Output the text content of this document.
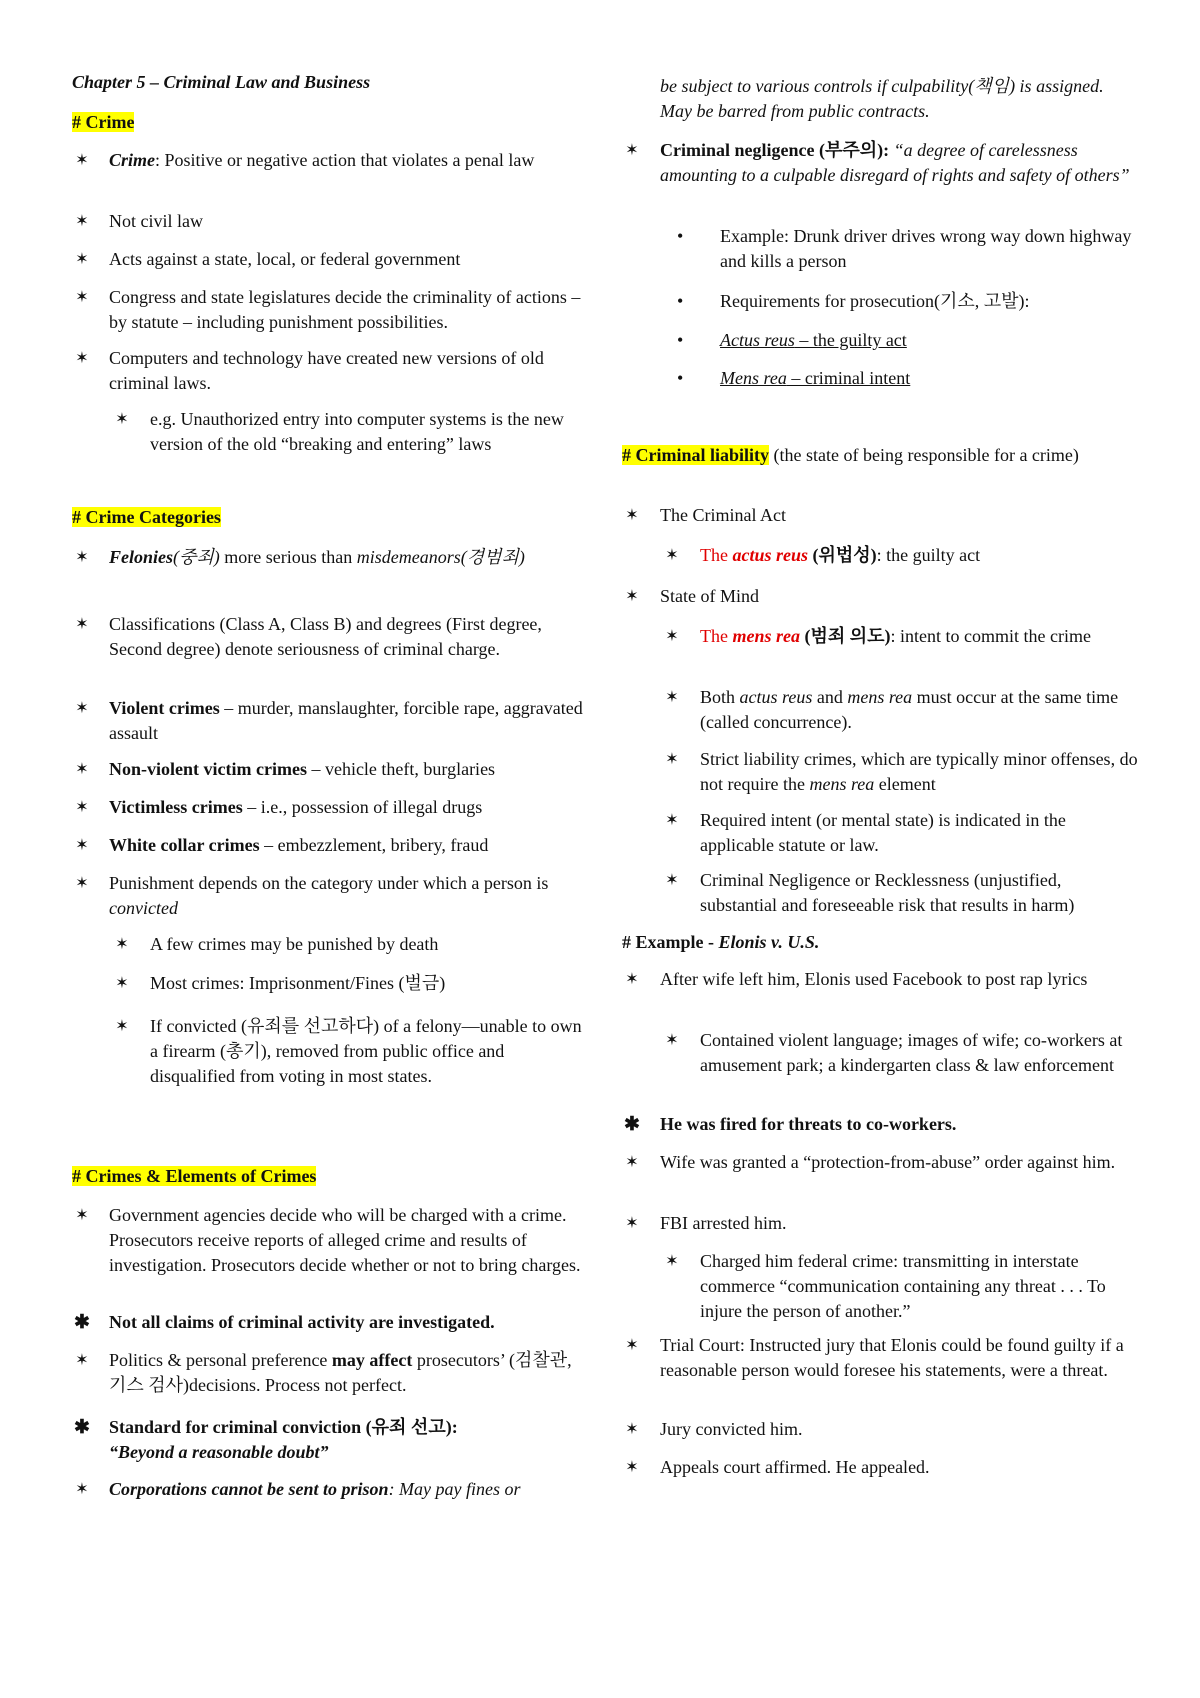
Chapter 5 – Criminal Law and Business
# Crime
✶ Crime: Positive or negative action that violates a penal law
✶ Not civil law
✶ Acts against a state, local, or federal government
✶ Congress and state legislatures decide the criminality of actions – by statute – including punishment possibilities.
✶ Computers and technology have created new versions of old criminal laws.
✶ e.g. Unauthorized entry into computer systems is the new version of the old “breaking and entering” laws
# Crime Categories
✶ Felonies(중죄) more serious than misdemeanors(경범죄)
✶ Classifications (Class A, Class B) and degrees (First degree, Second degree) denote seriousness of criminal charge.
✶ Violent crimes – murder, manslaughter, forcible rape, aggravated assault
✶ Non-violent victim crimes – vehicle theft, burglaries
✶ Victimless crimes – i.e., possession of illegal drugs
✶ White collar crimes – embezzlement, bribery, fraud
✶ Punishment depends on the category under which a person is convicted
✶ A few crimes may be punished by death
✶ Most crimes: Imprisonment/Fines (벌금)
✶ If convicted (유죄를 선고하다) of a felony—unable to own a firearm (총기), removed from public office and disqualified from voting in most states.
# Crimes & Elements of Crimes
✶ Government agencies decide who will be charged with a crime. Prosecutors receive reports of alleged crime and results of investigation. Prosecutors decide whether or not to bring charges.
✱ Not all claims of criminal activity are investigated.
✶ Politics & personal preference may affect prosecutors’ (검찰관, 기스 검사)decisions. Process not perfect.
✱ Standard for criminal conviction (유죄 선고):
“Beyond a reasonable doubt”
✶ Corporations cannot be sent to prison: May pay fines or
be subject to various controls if culpability(책임) is assigned. May be barred from public contracts.
✶ Criminal negligence (부주의): “a degree of carelessness amounting to a culpable disregard of rights and safety of others”
• Example: Drunk driver drives wrong way down highway and kills a person
• Requirements for prosecution(기소, 고발):
• Actus reus – the guilty act
• Mens rea – criminal intent
# Criminal liability (the state of being responsible for a crime)
✶ The Criminal Act
✶ The actus reus (위법성): the guilty act
✶ State of Mind
✶ The mens rea (범죄 의도): intent to commit the crime
✶ Both actus reus and mens rea must occur at the same time (called concurrence).
✶ Strict liability crimes, which are typically minor offenses, do not require the mens rea element
✶ Required intent (or mental state) is indicated in the applicable statute or law.
✶ Criminal Negligence or Recklessness (unjustified, substantial and foreseeable risk that results in harm)
# Example - Elonis v. U.S.
✶ After wife left him, Elonis used Facebook to post rap lyrics
✶ Contained violent language; images of wife; co-workers at amusement park; a kindergarten class & law enforcement
✱ He was fired for threats to co-workers.
✶ Wife was granted a “protection-from-abuse” order against him.
✶ FBI arrested him.
✶ Charged him federal crime: transmitting in interstate commerce “communication containing any threat . . . To injure the person of another.”
✶ Trial Court: Instructed jury that Elonis could be found guilty if a reasonable person would foresee his statements, were a threat.
✶ Jury convicted him.
✶ Appeals court affirmed. He appealed.
